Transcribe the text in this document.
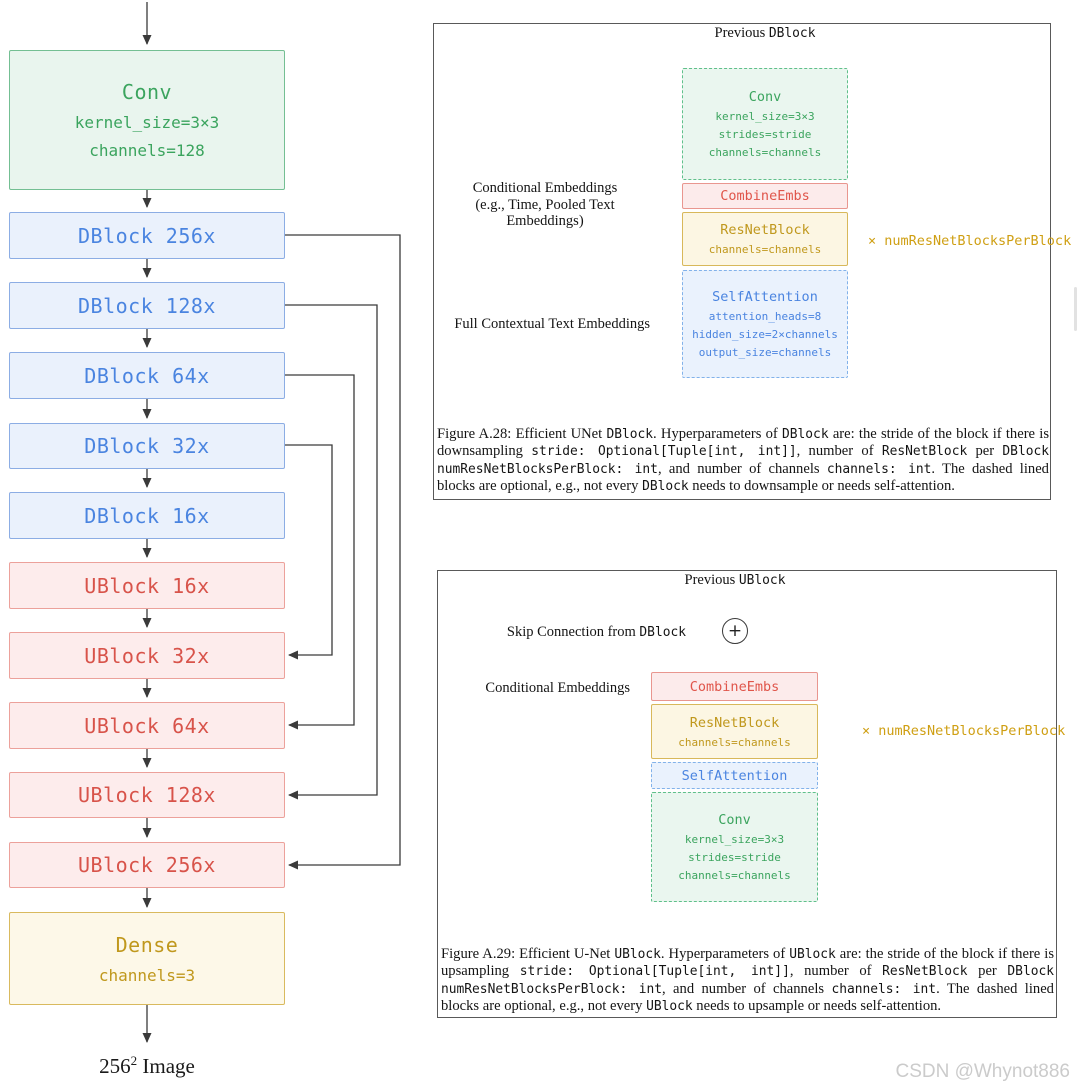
Conv
kernel_size=3×3
channels=128
DBlock 256x
DBlock 128x
DBlock 64x
DBlock 32x
DBlock 16x
UBlock 16x
UBlock 32x
UBlock 64x
UBlock 128x
UBlock 256x
Dense
channels=3
$256^2$ Image
Previous DBlock
Conv
kernel_size=3×3
strides=stride
channels=channels
CombineEmbs
ResNetBlock
channels=channels
SelfAttention
attention_heads=8
hidden_size=2×channels
output_size=channels
× numResNetBlocksPerBlock
Conditional Embeddings
(e.g., Time, Pooled Text Embeddings)
Full Contextual Text Embeddings
Figure A.28: Efficient UNet DBlock. Hyperparameters of DBlock are: the stride of the block if there is downsampling stride: Optional[Tuple[int, int]], number of ResNetBlock per DBlock numResNetBlocksPerBlock: int, and number of channels channels: int. The dashed lined blocks are optional, e.g., not every DBlock needs to downsample or needs self-attention.
Previous UBlock
+
Skip Connection from DBlock
Conditional Embeddings	CombineEmbs
ResNetBlock
channels=channels
SelfAttention
Conv
kernel_size=3×3
strides=stride
channels=channels
× numResNetBlocksPerBlock
Figure A.29: Efficient U-Net UBlock. Hyperparameters of UBlock are: the stride of the block if there is upsampling stride: Optional[Tuple[int, int]], number of ResNetBlock per DBlock numResNetBlocksPerBlock: int, and number of channels channels: int. The dashed lined blocks are optional, e.g., not every UBlock needs to upsample or needs self-attention.
CSDN @Whynot886
